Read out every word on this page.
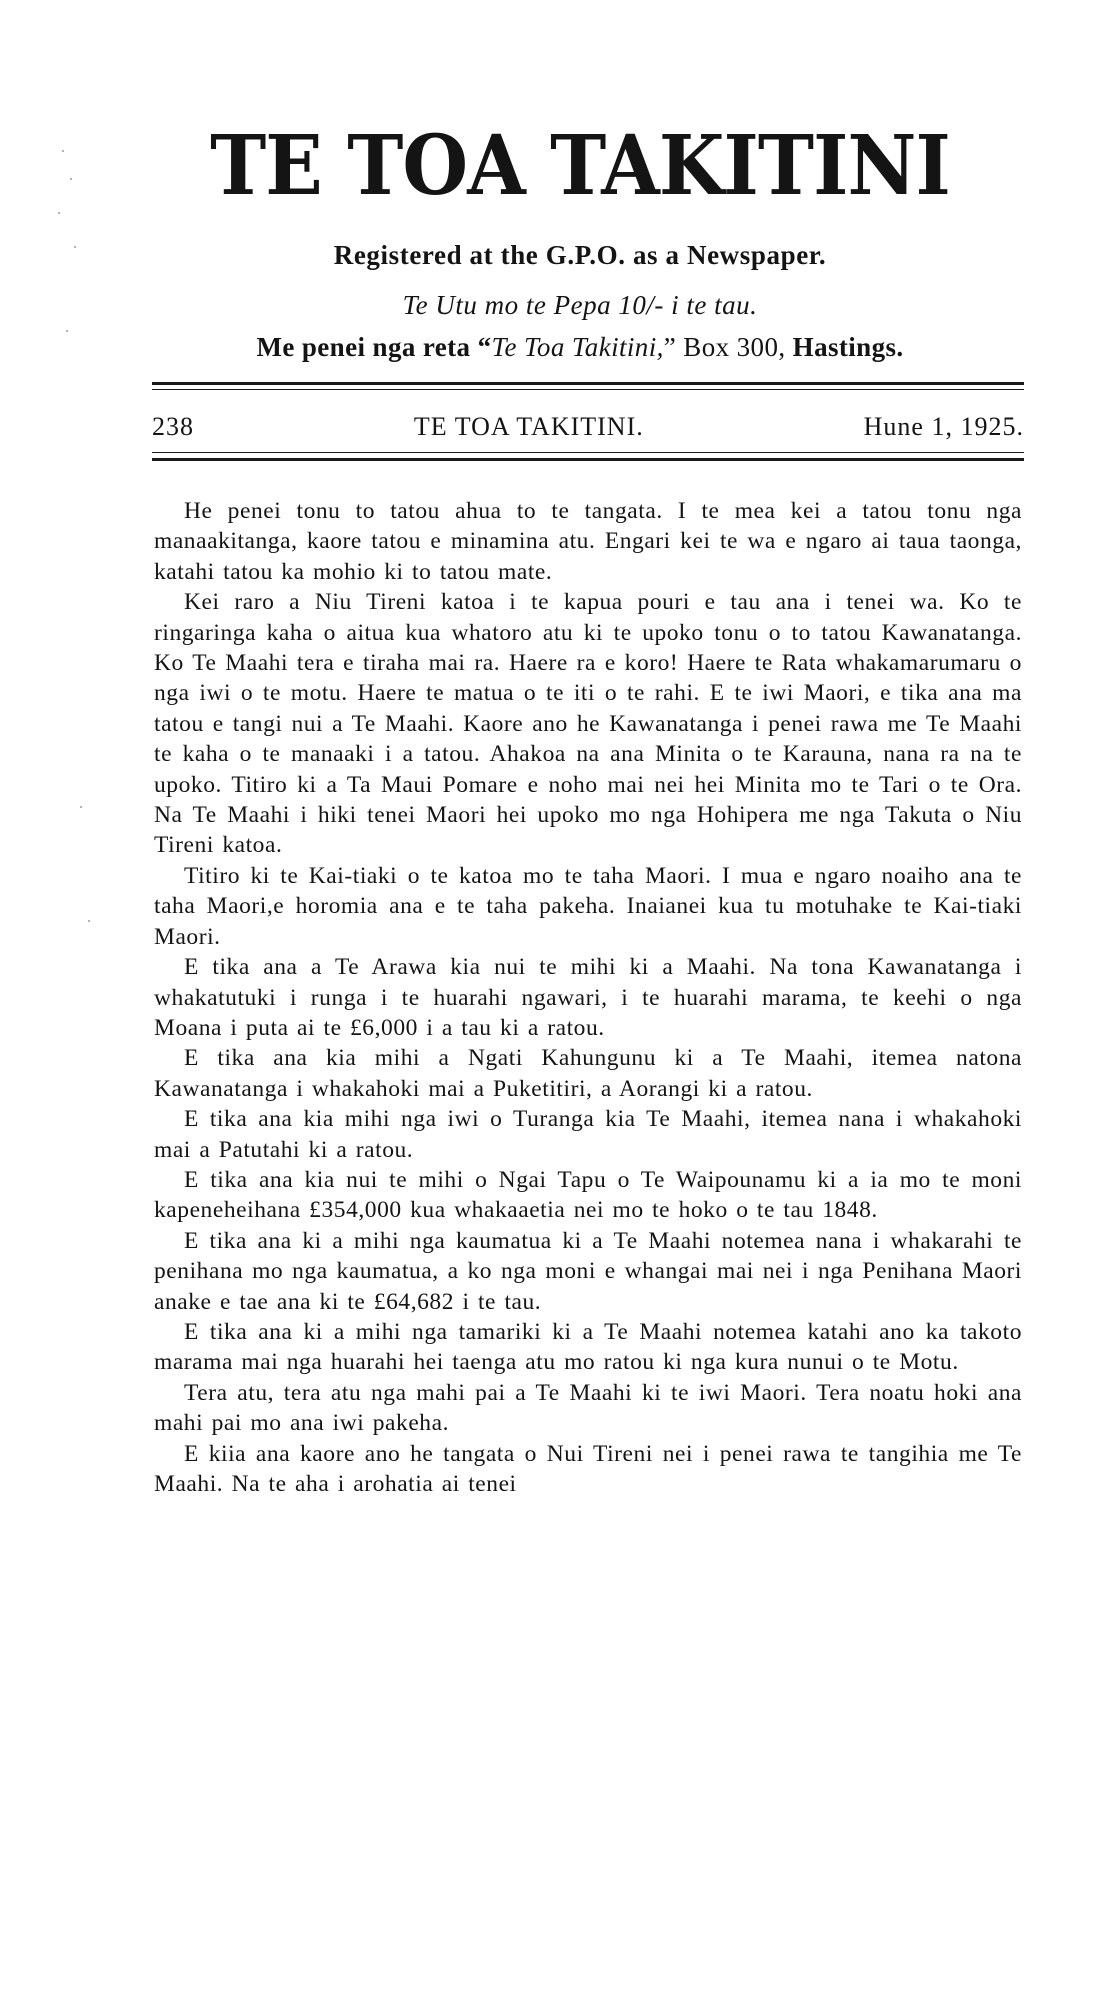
TE TOA TAKITINI
Registered at the G.P.O. as a Newspaper.
Te Utu mo te Pepa 10/- i te tau.
Me penei nga reta “Te Toa Takitini,” Box 300, Hastings.
238	TE TOA TAKITINI.	Hune 1, 1925.

He penei tonu to tatou ahua to te tangata. I te mea kei a tatou tonu nga manaakitanga, kaore tatou e minamina atu. Engari kei te wa e ngaro ai taua taonga, katahi tatou ka mohio ki to tatou mate.

Kei raro a Niu Tireni katoa i te kapua pouri e tau ana i tenei wa. Ko te ringaringa kaha o aitua kua whatoro atu ki te upoko tonu o to tatou Kawanatanga. Ko Te Maahi tera e tiraha mai ra. Haere ra e koro! Haere te Rata whakamarumaru o nga iwi o te motu. Haere te matua o te iti o te rahi. E te iwi Maori, e tika ana ma tatou e tangi nui a Te Maahi. Kaore ano he Kawanatanga i penei rawa me Te Maahi te kaha o te manaaki i a tatou. Ahakoa na ana Minita o te Karauna, nana ra na te upoko. Titiro ki a Ta Maui Pomare e noho mai nei hei Minita mo te Tari o te Ora. Na Te Maahi i hiki tenei Maori hei upoko mo nga Hohipera me nga Takuta o Niu Tireni katoa.

Titiro ki te Kai-tiaki o te katoa mo te taha Maori. I mua e ngaro noaiho ana te taha Maori,e horomia ana e te taha pakeha. Inaianei kua tu motuhake te Kai-tiaki Maori.

E tika ana a Te Arawa kia nui te mihi ki a Maahi. Na tona Kawanatanga i whakatutuki i runga i te huarahi ngawari, i te huarahi marama, te keehi o nga Moana i puta ai te £6,000 i a tau ki a ratou.

E tika ana kia mihi a Ngati Kahungunu ki a Te Maahi, itemea natona Kawanatanga i whakahoki mai a Puketitiri, a Aorangi ki a ratou.

E tika ana kia mihi nga iwi o Turanga kia Te Maahi, itemea nana i whakahoki mai a Patutahi ki a ratou.

E tika ana kia nui te mihi o Ngai Tapu o Te Waipounamu ki a ia mo te moni kapeneheihana £354,000 kua whakaaetia nei mo te hoko o te tau 1848.

E tika ana ki a mihi nga kaumatua ki a Te Maahi notemea nana i whakarahi te penihana mo nga kaumatua, a ko nga moni e whangai mai nei i nga Penihana Maori anake e tae ana ki te £64,682 i te tau.

E tika ana ki a mihi nga tamariki ki a Te Maahi notemea katahi ano ka takoto marama mai nga huarahi hei taenga atu mo ratou ki nga kura nunui o te Motu.

Tera atu, tera atu nga mahi pai a Te Maahi ki te iwi Maori. Tera noatu hoki ana mahi pai mo ana iwi pakeha.

E kiia ana kaore ano he tangata o Nui Tireni nei i penei rawa te tangihia me Te Maahi. Na te aha i arohatia ai tenei
